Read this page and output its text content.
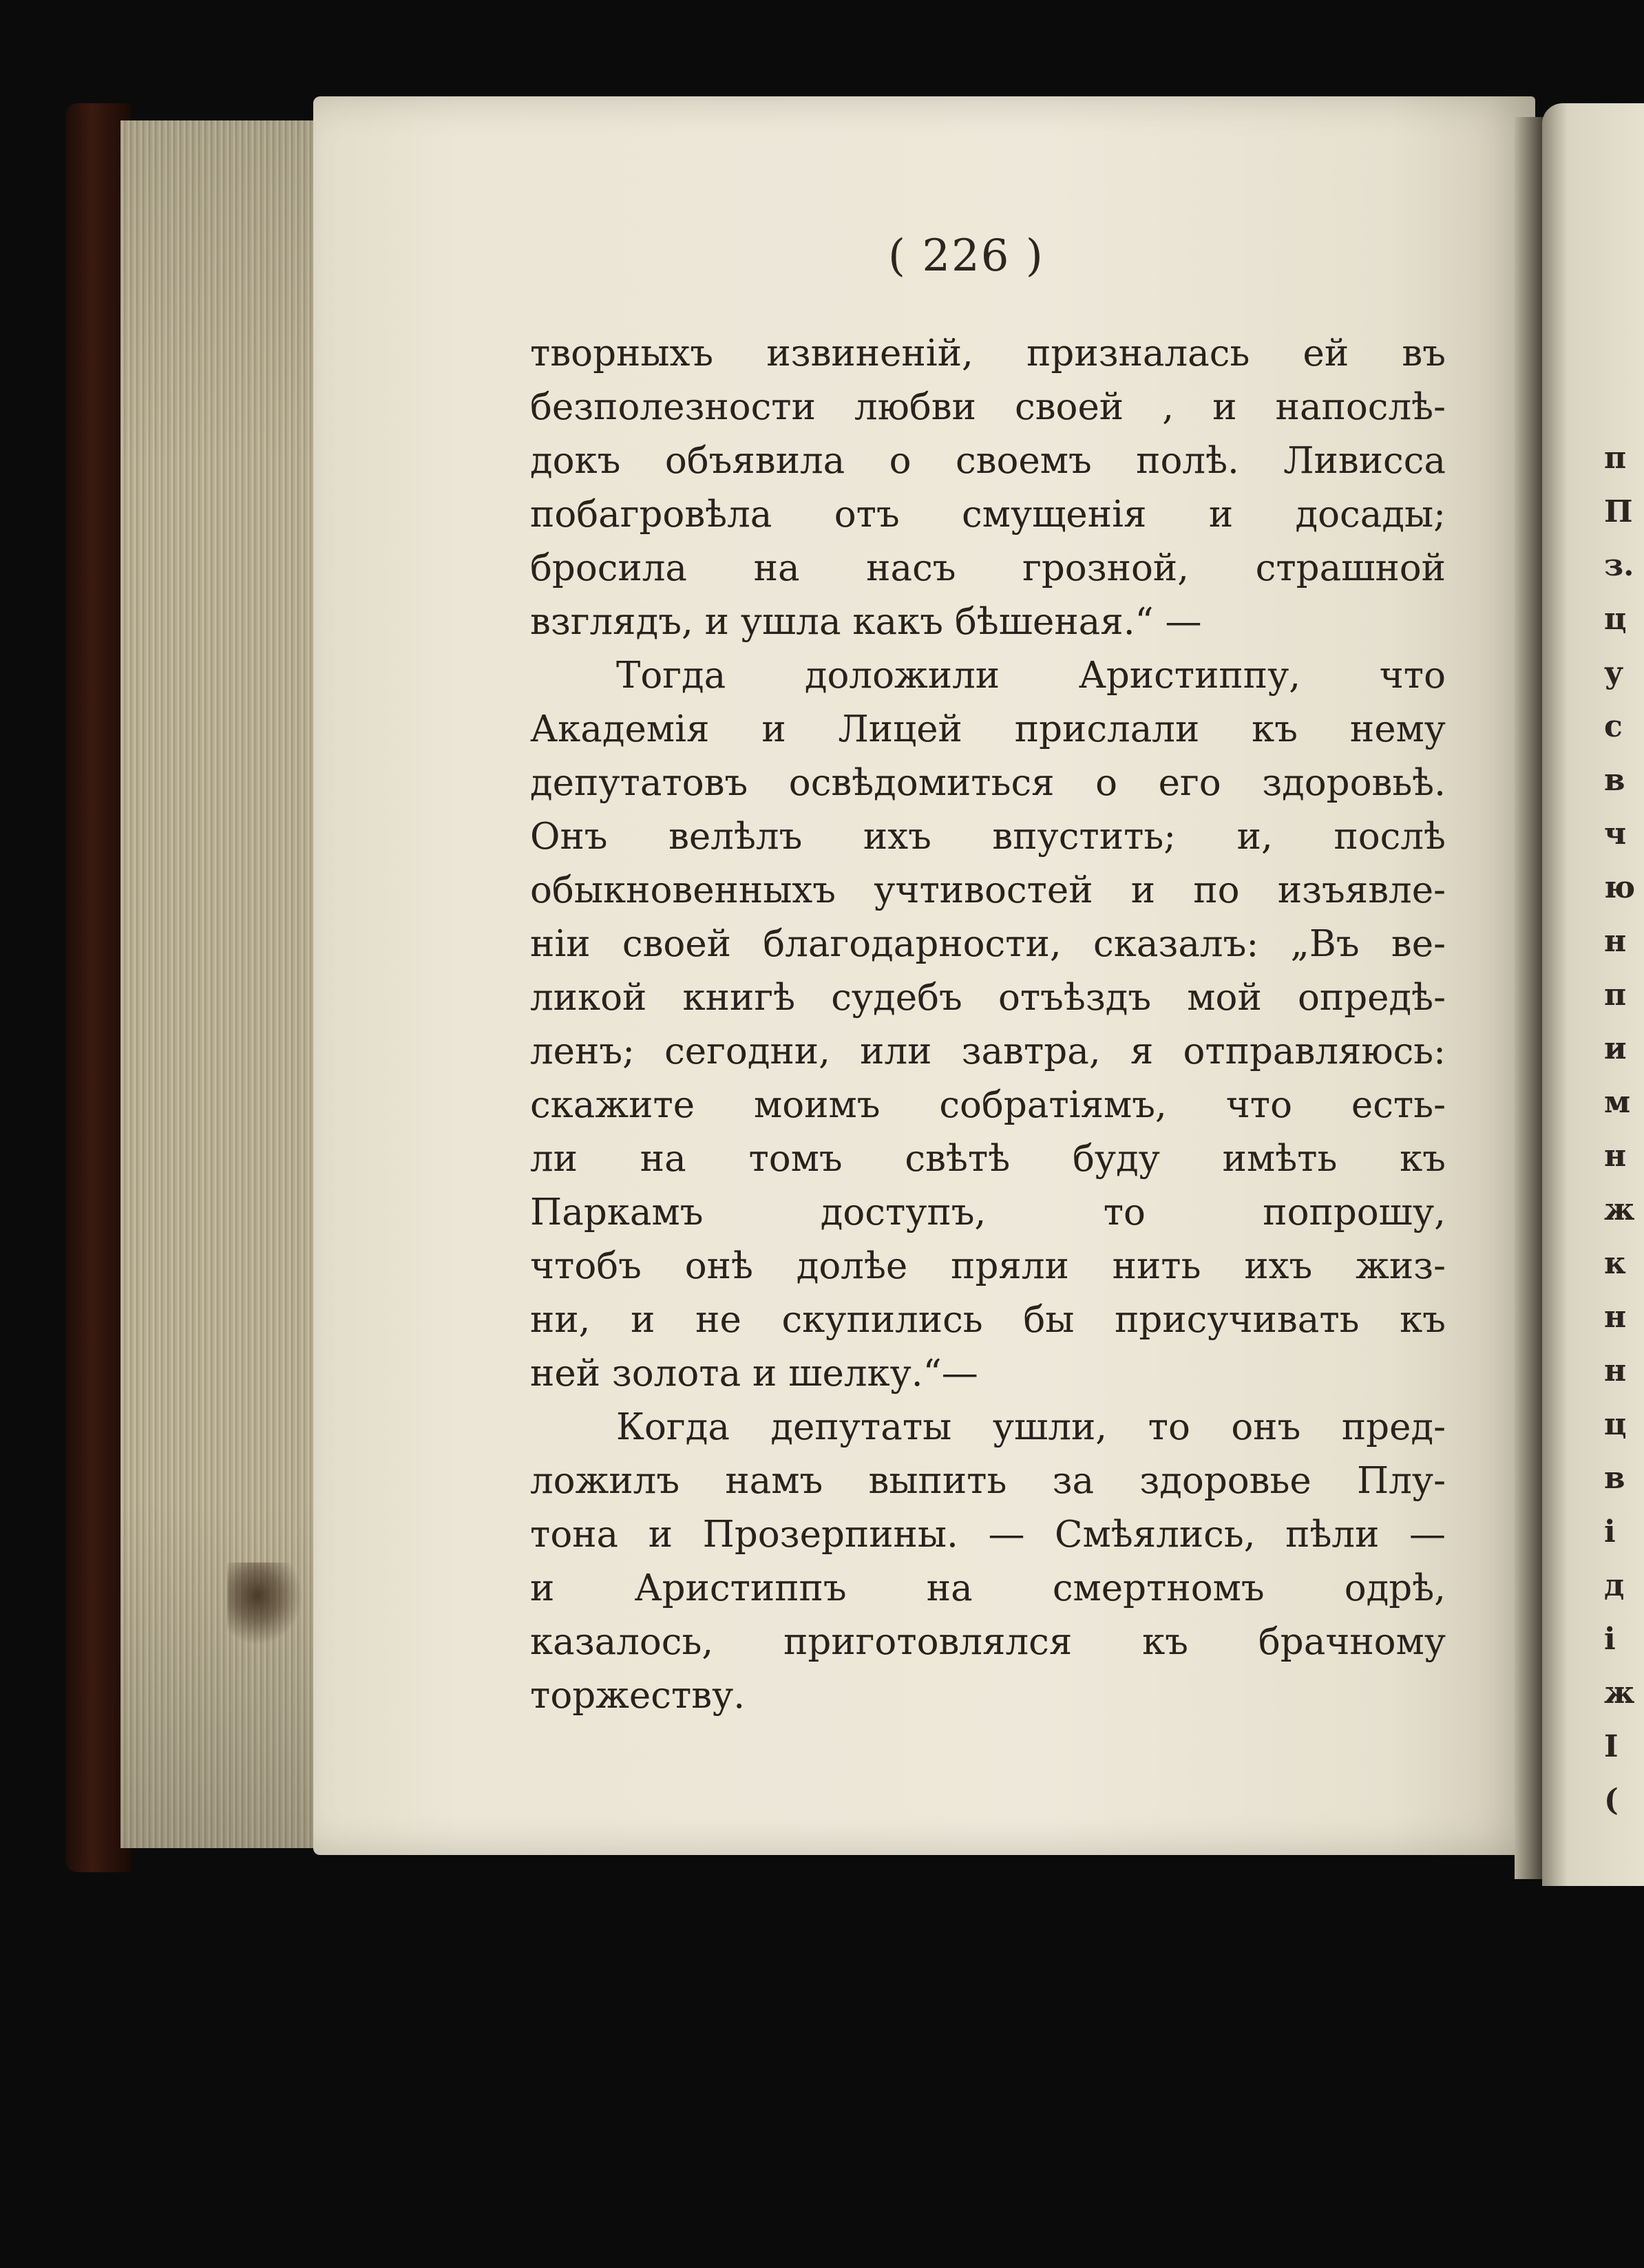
п
П
з.
ц
у
с
в
ч
ю
н
п
и
м
н
ж
к
н
н
ц
в
і
д
і
ж
І
(
( 226 )
творныхъ извиненій, призналась ей въ
безполезности любви своей , и напослѣ-
докъ объявила о своемъ полѣ. Ливисса
побагровѣла отъ смущенія и досады;
бросила на насъ грозной, страшной
взглядъ, и ушла какъ бѣшеная.“ —
Тогда доложили Аристиппу, что
Академія и Лицей прислали къ нему
депутатовъ освѣдомиться о его здоровьѣ.
Онъ велѣлъ ихъ впустить; и, послѣ
обыкновенныхъ учтивостей и по изъявле-
ніи своей благодарности, сказалъ: „Въ ве-
ликой книгѣ судебъ отъѣздъ мой опредѣ-
ленъ; сегодни, или завтра, я отправляюсь:
скажите моимъ собратіямъ, что есть-
ли на томъ свѣтѣ буду имѣть къ
Паркамъ доступъ, то попрошу,
чтобъ онѣ долѣе пряли нить ихъ жиз-
ни, и не скупились бы присучивать къ
ней золота и шелку.“—
Когда депутаты ушли, то онъ пред-
ложилъ намъ выпить за здоровье Плу-
тона и Прозерпины. — Смѣялись, пѣли —
и Аристиппъ на смертномъ одрѣ,
казалось, приготовлялся къ брачному
торжеству.
